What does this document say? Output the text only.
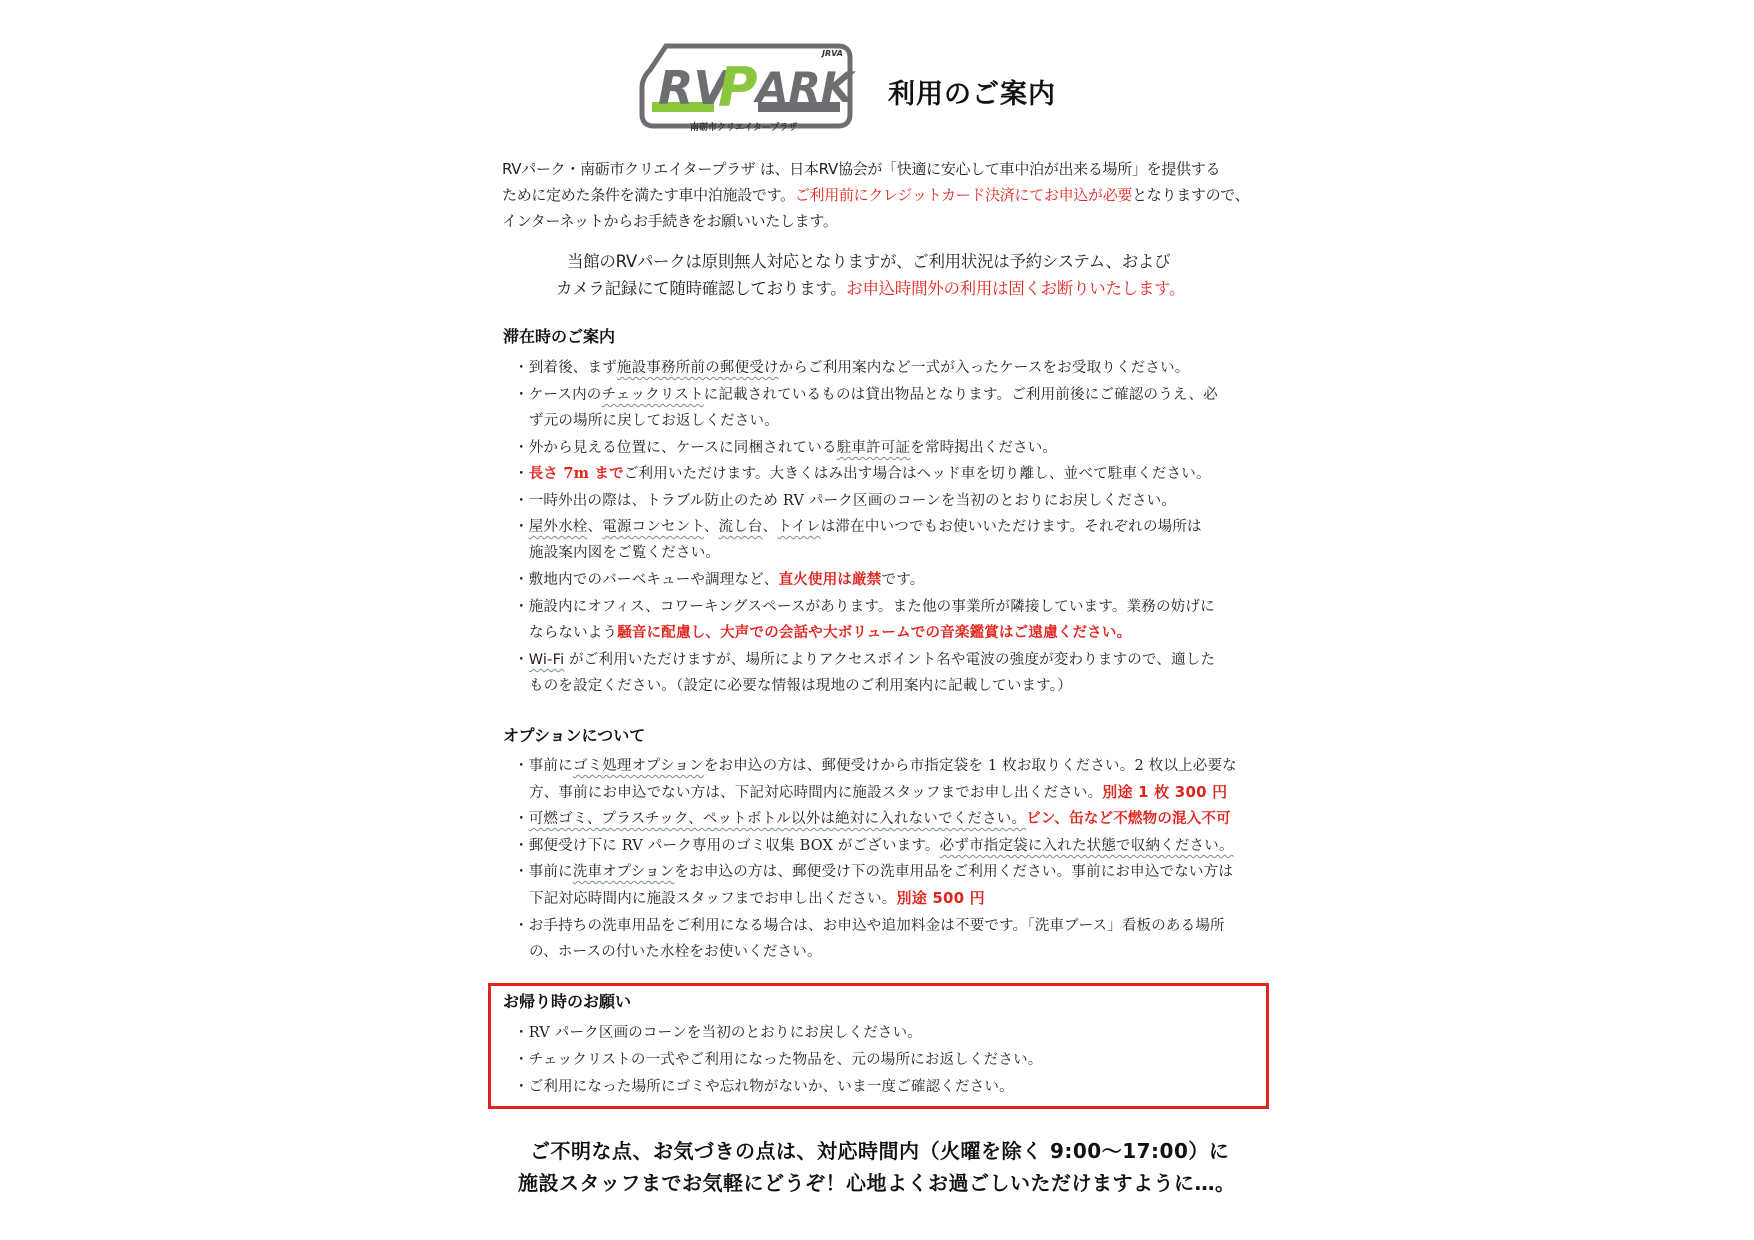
RV
P
ARK
JRVA
南砺市クリエイタープラザ
利用のご案内
RVパーク・南砺市クリエイタープラザ は、日本RV協会が「快適に安心して車中泊が出来る場所」を提供する
ために定めた条件を満たす車中泊施設です。ご利用前にクレジットカード決済にてお申込が必要となりますので、
インターネットからお手続きをお願いいたします。
当館のRVパークは原則無人対応となりますが、ご利用状況は予約システム、および
カメラ記録にて随時確認しております。お申込時間外の利用は固くお断りいたします。
滞在時のご案内
・到着後、まず施設事務所前の郵便受けからご利用案内など一式が入ったケースをお受取りください。
・ケース内のチェックリストに記載されているものは貸出物品となります。ご利用前後にご確認のうえ、必
ず元の場所に戻してお返しください。
・外から見える位置に、ケースに同梱されている駐車許可証を常時掲出ください。
・長さ 7m までご利用いただけます。大きくはみ出す場合はヘッド車を切り離し、並べて駐車ください。
・一時外出の際は、トラブル防止のため RV パーク区画のコーンを当初のとおりにお戻しください。
・屋外水栓、電源コンセント、流し台、トイレは滞在中いつでもお使いいただけます。それぞれの場所は
施設案内図をご覧ください。
・敷地内でのバーベキューや調理など、直火使用は厳禁です。
・施設内にオフィス、コワーキングスペースがあります。また他の事業所が隣接しています。業務の妨げに
ならないよう騒音に配慮し、大声での会話や大ボリュームでの音楽鑑賞はご遠慮ください。
・Wi-Fi がご利用いただけますが、場所によりアクセスポイント名や電波の強度が変わりますので、適した
ものを設定ください。（設定に必要な情報は現地のご利用案内に記載しています。）
オプションについて
・事前にゴミ処理オプションをお申込の方は、郵便受けから市指定袋を 1 枚お取りください。2 枚以上必要な
方、事前にお申込でない方は、下記対応時間内に施設スタッフまでお申し出ください。別途 1 枚 300 円
・可燃ゴミ、プラスチック、ペットボトル以外は絶対に入れないでください。ビン、缶など不燃物の混入不可
・郵便受け下に RV パーク専用のゴミ収集 BOX がございます。必ず市指定袋に入れた状態で収納ください。
・事前に洗車オプションをお申込の方は、郵便受け下の洗車用品をご利用ください。事前にお申込でない方は
下記対応時間内に施設スタッフまでお申し出ください。別途 500 円
・お手持ちの洗車用品をご利用になる場合は、お申込や追加料金は不要です。「洗車ブース」看板のある場所
の、ホースの付いた水栓をお使いください。
お帰り時のお願い
・RV パーク区画のコーンを当初のとおりにお戻しください。
・チェックリストの一式やご利用になった物品を、元の場所にお返しください。
・ご利用になった場所にゴミや忘れ物がないか、いま一度ご確認ください。
ご不明な点、お気づきの点は、対応時間内（火曜を除く 9:00～17:00）に
施設スタッフまでお気軽にどうぞ！心地よくお過ごしいただけますように…。
